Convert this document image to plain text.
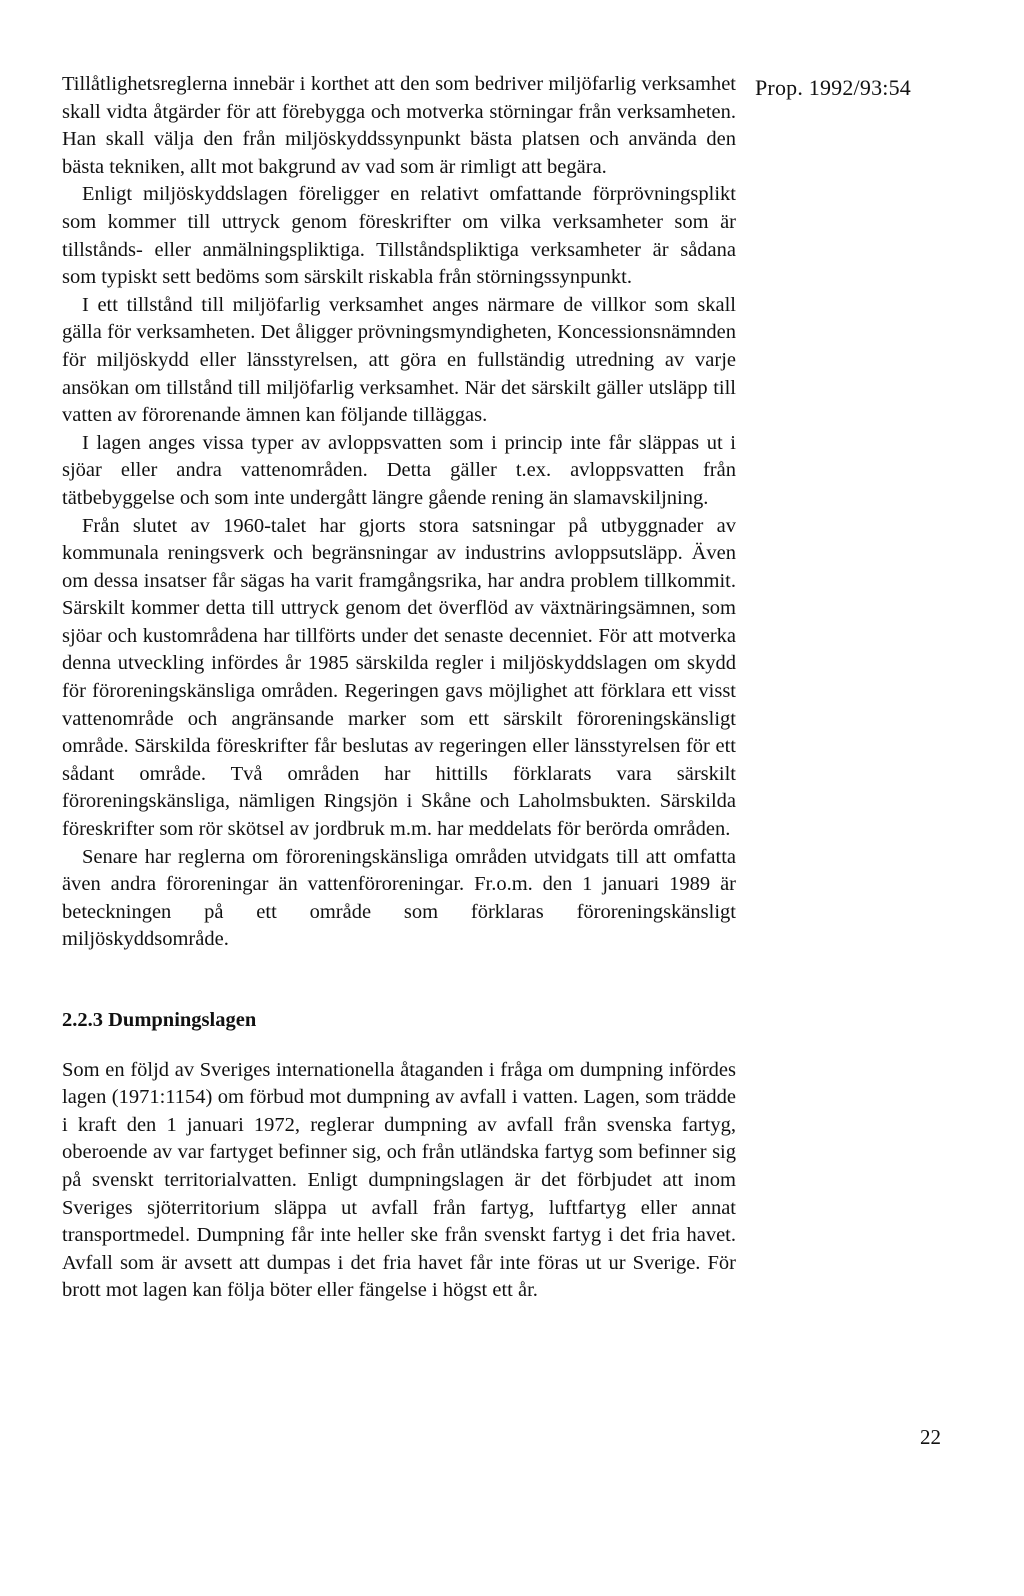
Prop. 1992/93:54

Tillåtlighetsreglerna innebär i korthet att den som bedriver miljöfarlig verksamhet skall vidta åtgärder för att förebygga och motverka störningar från verksamheten. Han skall välja den från miljöskyddssynpunkt bästa platsen och använda den bästa tekniken, allt mot bakgrund av vad som är rimligt att begära.

Enligt miljöskyddslagen föreligger en relativt omfattande förprövningsplikt som kommer till uttryck genom föreskrifter om vilka verksamheter som är tillstånds- eller anmälningspliktiga. Tillståndspliktiga verksamheter är sådana som typiskt sett bedöms som särskilt riskabla från störningssynpunkt.

I ett tillstånd till miljöfarlig verksamhet anges närmare de villkor som skall gälla för verksamheten. Det åligger prövningsmyndigheten, Koncessionsnämnden för miljöskydd eller länsstyrelsen, att göra en fullständig utredning av varje ansökan om tillstånd till miljöfarlig verksamhet. När det särskilt gäller utsläpp till vatten av förorenande ämnen kan följande tilläggas.

I lagen anges vissa typer av avloppsvatten som i princip inte får släppas ut i sjöar eller andra vattenområden. Detta gäller t.ex. avloppsvatten från tätbebyggelse och som inte undergått längre gående rening än slamavskiljning.

Från slutet av 1960-talet har gjorts stora satsningar på utbyggnader av kommunala reningsverk och begränsningar av industrins avloppsutsläpp. Även om dessa insatser får sägas ha varit framgångsrika, har andra problem tillkommit. Särskilt kommer detta till uttryck genom det överflöd av växtnäringsämnen, som sjöar och kustområdena har tillförts under det senaste decenniet. För att motverka denna utveckling infördes år 1985 särskilda regler i miljöskyddslagen om skydd för föroreningskänsliga områden. Regeringen gavs möjlighet att förklara ett visst vattenområde och angränsande marker som ett särskilt föroreningskänsligt område. Särskilda föreskrifter får beslutas av regeringen eller länsstyrelsen för ett sådant område. Två områden har hittills förklarats vara särskilt föroreningskänsliga, nämligen Ringsjön i Skåne och Laholmsbukten. Särskilda föreskrifter som rör skötsel av jordbruk m.m. har meddelats för berörda områden.

Senare har reglerna om föroreningskänsliga områden utvidgats till att omfatta även andra föroreningar än vattenföroreningar. Fr.o.m. den 1 januari 1989 är beteckningen på ett område som förklaras föroreningskänsligt miljöskyddsområde.

2.2.3 Dumpningslagen

Som en följd av Sveriges internationella åtaganden i fråga om dumpning infördes lagen (1971:1154) om förbud mot dumpning av avfall i vatten. Lagen, som trädde i kraft den 1 januari 1972, reglerar dumpning av avfall från svenska fartyg, oberoende av var fartyget befinner sig, och från utländska fartyg som befinner sig på svenskt territorialvatten. Enligt dumpningslagen är det förbjudet att inom Sveriges sjöterritorium släppa ut avfall från fartyg, luftfartyg eller annat transportmedel. Dumpning får inte heller ske från svenskt fartyg i det fria havet. Avfall som är avsett att dumpas i det fria havet får inte föras ut ur Sverige. För brott mot lagen kan följa böter eller fängelse i högst ett år.

22
